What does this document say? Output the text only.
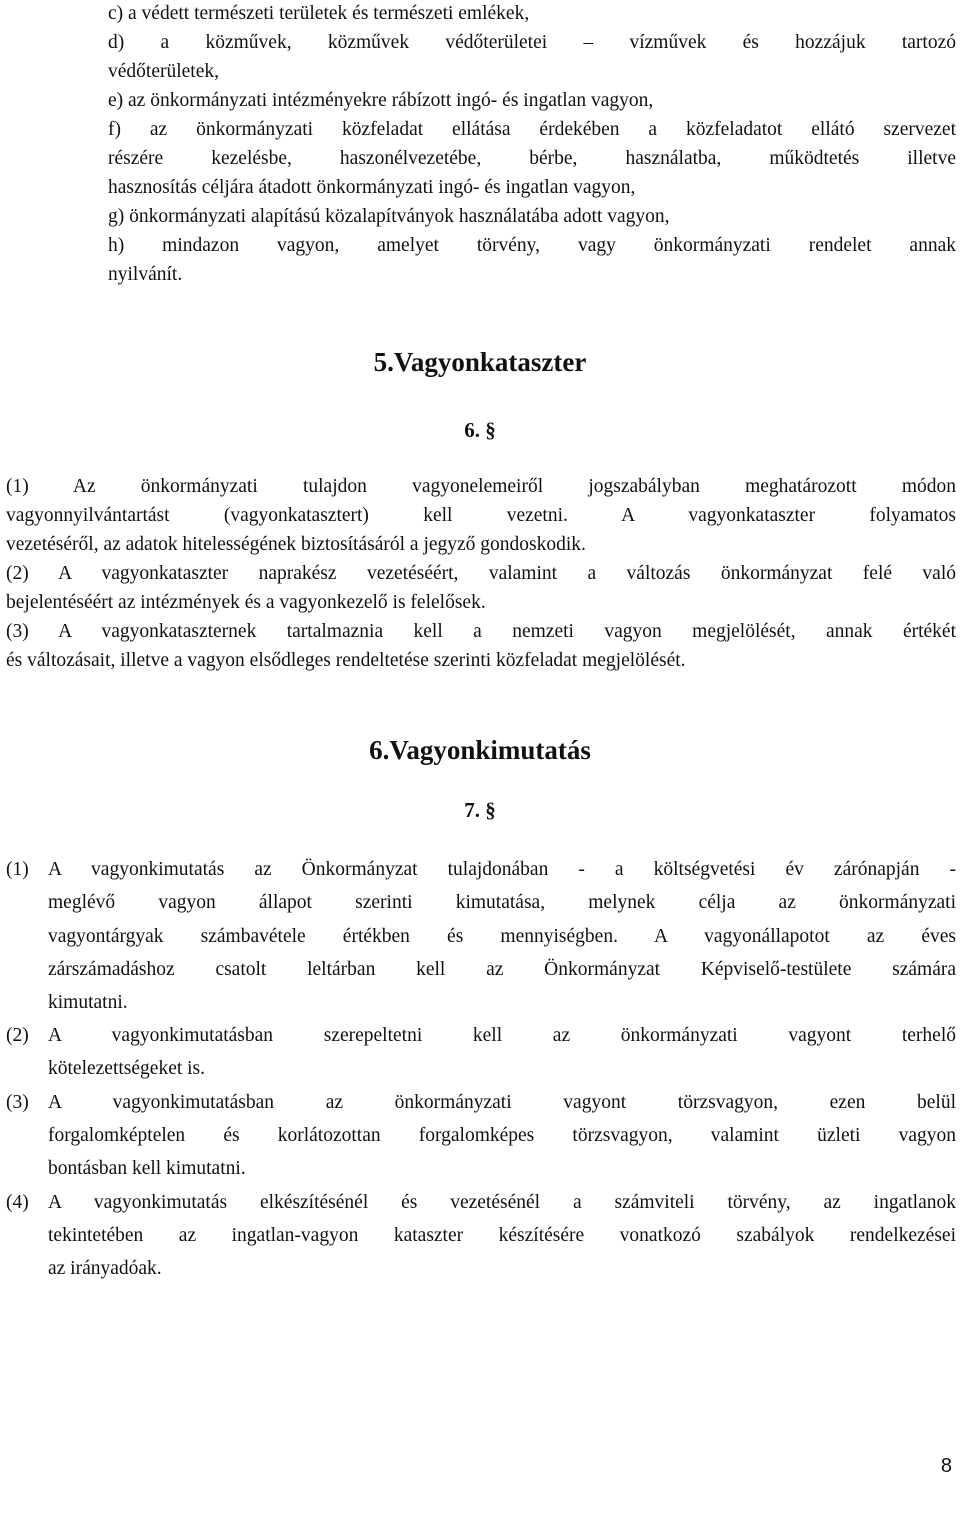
c) a védett természeti területek és természeti emlékek,
d) a közművek, közművek védőterületei – vízművek és hozzájuk tartozó
védőterületek,
e) az önkormányzati intézményekre rábízott ingó- és ingatlan vagyon,
f) az önkormányzati közfeladat ellátása érdekében a közfeladatot ellátó szervezet
részére kezelésbe, haszonélvezetébe, bérbe, használatba, működtetés illetve
hasznosítás céljára átadott önkormányzati ingó- és ingatlan vagyon,
g) önkormányzati alapítású közalapítványok használatába adott vagyon,
h) mindazon vagyon, amelyet törvény, vagy önkormányzati rendelet annak
nyilvánít.
5.Vagyonkataszter
6. §
(1) Az önkormányzati tulajdon vagyonelemeiről jogszabályban meghatározott módon
vagyonnyilvántartást (vagyonkatasztert) kell vezetni. A vagyonkataszter folyamatos
vezetéséről, az adatok hitelességének biztosításáról a jegyző gondoskodik.
(2) A vagyonkataszter naprakész vezetéséért, valamint a változás önkormányzat felé való
bejelentéséért az intézmények és a vagyonkezelő is felelősek.
(3) A vagyonkataszternek tartalmaznia kell a nemzeti vagyon megjelölését, annak értékét
és változásait, illetve a vagyon elsődleges rendeltetése szerinti közfeladat megjelölését.
6.Vagyonkimutatás
7. §
(1) A vagyonkimutatás az Önkormányzat tulajdonában - a költségvetési év zárónapján -
meglévő vagyon állapot szerinti kimutatása, melynek célja az önkormányzati
vagyontárgyak számbavétele értékben és mennyiségben. A vagyonállapotot az éves
zárszámadáshoz csatolt leltárban kell az Önkormányzat Képviselő-testülete számára
kimutatni.
(2) A vagyonkimutatásban szerepeltetni kell az önkormányzati vagyont terhelő
kötelezettségeket is.
(3) A vagyonkimutatásban az önkormányzati vagyont törzsvagyon, ezen belül
forgalomképtelen és korlátozottan forgalomképes törzsvagyon, valamint üzleti vagyon
bontásban kell kimutatni.
(4) A vagyonkimutatás elkészítésénél és vezetésénél a számviteli törvény, az ingatlanok
tekintetében az ingatlan-vagyon kataszter készítésére vonatkozó szabályok rendelkezései
az irányadóak.
8
